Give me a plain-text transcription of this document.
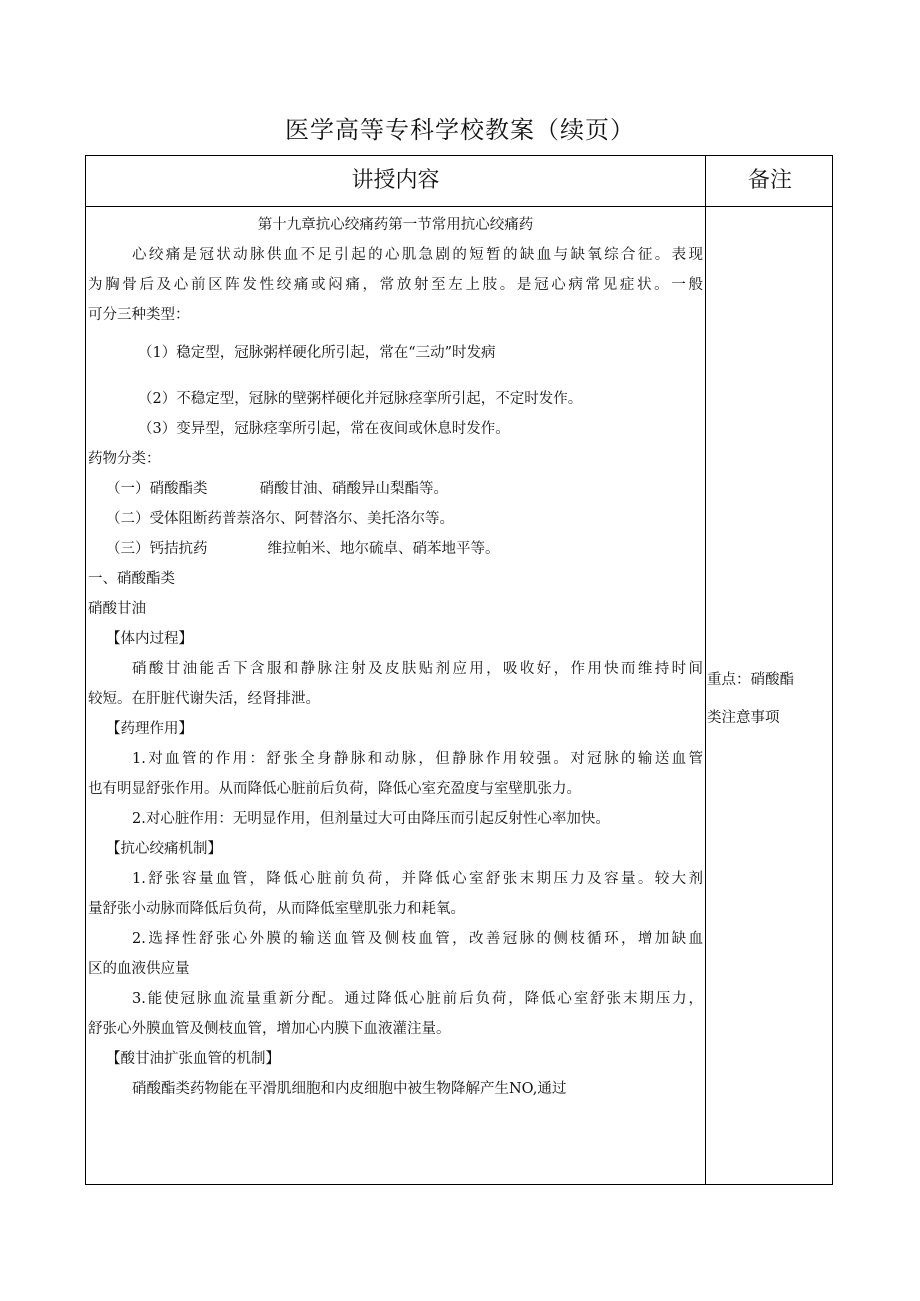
医学高等专科学校教案（续页）
讲授内容	备注
第十九章抗心绞痛药第一节常用抗心绞痛药
心绞痛是冠状动脉供血不足引起的心肌急剧的短暂的缺血与缺氧综合征。表现
为胸骨后及心前区阵发性绞痛或闷痛，常放射至左上肢。是冠心病常见症状。一般
可分三种类型：
（1）稳定型，冠脉粥样硬化所引起，常在“三动”时发病
（2）不稳定型，冠脉的壁粥样硬化并冠脉痉挛所引起，不定时发作。
（3）变异型，冠脉痉挛所引起，常在夜间或休息时发作。
药物分类：
（一）硝酸酯类	硝酸甘油、硝酸异山梨酯等。
（二）受体阻断药普萘洛尔、阿替洛尔、美托洛尔等。
（三）钙拮抗药	维拉帕米、地尔硫卓、硝苯地平等。
一、硝酸酯类
硝酸甘油
【体内过程】
硝酸甘油能舌下含服和静脉注射及皮肤贴剂应用，吸收好，作用快而维持时间
较短。在肝脏代谢失活，经肾排泄。
【药理作用】
1.对血管的作用：舒张全身静脉和动脉，但静脉作用较强。对冠脉的输送血管
也有明显舒张作用。从而降低心脏前后负荷，降低心室充盈度与室壁肌张力。
2.对心脏作用：无明显作用，但剂量过大可由降压而引起反射性心率加快。
【抗心绞痛机制】
1.舒张容量血管，降低心脏前负荷，并降低心室舒张末期压力及容量。较大剂
量舒张小动脉而降低后负荷，从而降低室壁肌张力和耗氧。
2.选择性舒张心外膜的输送血管及侧枝血管，改善冠脉的侧枝循环，增加缺血
区的血液供应量
3.能使冠脉血流量重新分配。通过降低心脏前后负荷，降低心室舒张末期压力，
舒张心外膜血管及侧枝血管，增加心内膜下血液灌注量。
【酸甘油扩张血管的机制】
硝酸酯类药物能在平滑肌细胞和内皮细胞中被生物降解产生NO,通过
重点：硝酸酯
类注意事项
